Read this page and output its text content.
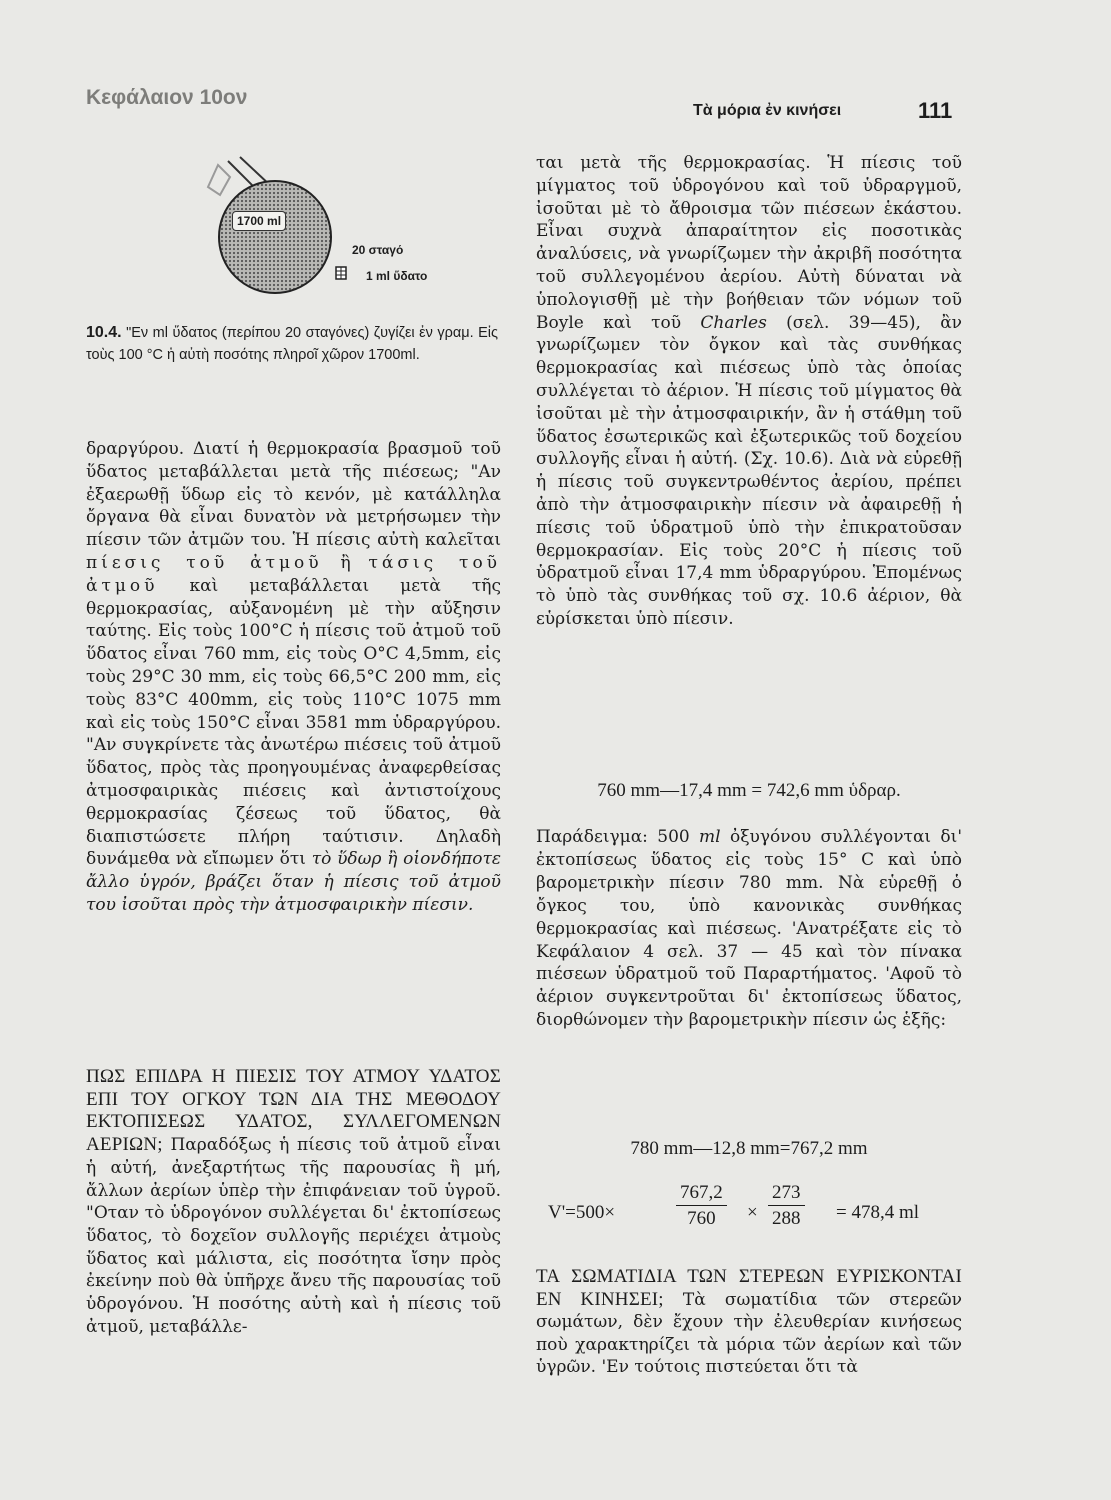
Κεφάλαιον 10ον
Τὰ μόρια ἐν κινήσει	111
1700 ml
20 σταγό
1 ml ὕδατο
10.4. "Εν ml ὕδατος (περίπου 20 σταγόνες) ζυγίζει ἐν γραμ. Εἰς τοὺς 100 °C ἡ αὐτὴ ποσότης πληροῖ χῶρον 1700ml.

δραργύρου. Διατί ἡ θερμοκρασία βρασμοῦ τοῦ ὕδατος μεταβάλλεται μετὰ τῆς πιέσεως; "Αν ἐξαερωθῇ ὕδωρ εἰς τὸ κενόν, μὲ κατάλληλα ὄργανα θὰ εἶναι δυνατὸν νὰ μετρήσωμεν τὴν πίεσιν τῶν ἀτμῶν του. Ἡ πίεσις αὐτὴ καλεῖται πίεσις τοῦ ἀτμοῦ ἢ τάσις τοῦ ἀτμοῦ καὶ μεταβάλλεται μετὰ τῆς θερμοκρασίας, αὐξανομένη μὲ τὴν αὔξησιν ταύτης. Εἰς τοὺς 100°C ἡ πίεσις τοῦ ἀτμοῦ τοῦ ὕδατος εἶναι 760 mm, εἰς τοὺς O°C 4,5mm, εἰς τοὺς 29°C 30 mm, εἰς τοὺς 66,5°C 200 mm, εἰς τοὺς 83°C 400mm, εἰς τοὺς 110°C 1075 mm καὶ εἰς τοὺς 150°C εἶναι 3581 mm ὑδραργύρου. "Αν συγκρίνετε τὰς ἀνωτέρω πιέσεις τοῦ ἀτμοῦ ὕδατος, πρὸς τὰς προηγουμένας ἀναφερθείσας ἀτμοσφαιρικὰς πιέσεις καὶ ἀντιστοίχους θερμοκρασίας ζέσεως τοῦ ὕδατος, θὰ διαπιστώσετε πλήρη ταύτισιν. Δηλαδὴ δυνάμεθα νὰ εἴπωμεν ὅτι τὸ ὕδωρ ἢ οἱονδήποτε ἄλλο ὑγρόν, βράζει ὅταν ἡ πίεσις τοῦ ἀτμοῦ του ἰσοῦται πρὸς τὴν ἀτμοσφαιρικὴν πίεσιν.

ΠΩΣ ΕΠΙΔΡΑ Η ΠΙΕΣΙΣ ΤΟΥ ΑΤΜΟΥ ΥΔΑΤΟΣ ΕΠΙ ΤΟΥ ΟΓΚΟΥ ΤΩΝ ΔΙΑ ΤΗΣ ΜΕΘΟΔΟΥ ΕΚΤΟΠΙΣΕΩΣ ΥΔΑΤΟΣ, ΣΥΛΛΕΓΟΜΕΝΩΝ ΑΕΡΙΩΝ; Παραδόξως ἡ πίεσις τοῦ ἀτμοῦ εἶναι ἡ αὐτή, ἀνεξαρτήτως τῆς παρουσίας ἢ μή, ἄλλων ἀερίων ὑπὲρ τὴν ἐπιφάνειαν τοῦ ὑγροῦ. "Οταν τὸ ὑδρογόνον συλλέγεται δι' ἐκτοπίσεως ὕδατος, τὸ δοχεῖον συλλογῆς περιέχει ἀτμοὺς ὕδατος καὶ μάλιστα, εἰς ποσότητα ἴσην πρὸς ἐκείνην ποὺ θὰ ὑπῆρχε ἄνευ τῆς παρουσίας τοῦ ὑδρογόνου. Ἡ ποσότης αὐτὴ καὶ ἡ πίεσις τοῦ ἀτμοῦ, μεταβάλλε-

ται μετὰ τῆς θερμοκρασίας. Ἡ πίεσις τοῦ μίγματος τοῦ ὑδρογόνου καὶ τοῦ ὑδραργμοῦ, ἰσοῦται μὲ τὸ ἄθροισμα τῶν πιέσεων ἑκάστου. Εἶναι συχνὰ ἀπαραίτητον εἰς ποσοτικὰς ἀναλύσεις, νὰ γνωρίζωμεν τὴν ἀκριβῆ ποσότητα τοῦ συλλεγομένου ἀερίου. Αὐτὴ δύναται νὰ ὑπολογισθῇ μὲ τὴν βοήθειαν τῶν νόμων τοῦ Boyle καὶ τοῦ Charles (σελ. 39—45), ἂν γνωρίζωμεν τὸν ὄγκον καὶ τὰς συνθήκας θερμοκρασίας καὶ πιέσεως ὑπὸ τὰς ὁποίας συλλέγεται τὸ ἀέριον. Ἡ πίεσις τοῦ μίγματος θὰ ἰσοῦται μὲ τὴν ἀτμοσφαιρικήν, ἂν ἡ στάθμη τοῦ ὕδατος ἐσωτερικῶς καὶ ἐξωτερικῶς τοῦ δοχείου συλλογῆς εἶναι ἡ αὐτή. (Σχ. 10.6). Διὰ νὰ εὑρεθῇ ἡ πίεσις τοῦ συγκεντρωθέντος ἀερίου, πρέπει ἀπὸ τὴν ἀτμοσφαιρικὴν πίεσιν νὰ ἀφαιρεθῇ ἡ πίεσις τοῦ ὑδρατμοῦ ὑπὸ τὴν ἐπικρατοῦσαν θερμοκρασίαν. Εἰς τοὺς 20°C ἡ πίεσις τοῦ ὑδρατμοῦ εἶναι 17,4 mm ὑδραργύρου. Ἑπομένως τὸ ὑπὸ τὰς συνθήκας τοῦ σχ. 10.6 ἀέριον, θὰ εὑρίσκεται ὑπὸ πίεσιν.

760 mm—17,4 mm = 742,6 mm ὑδραρ.

Παράδειγμα: 500 ml ὀξυγόνου συλλέγονται δι' ἐκτοπίσεως ὕδατος εἰς τοὺς 15° C καὶ ὑπὸ βαρομετρικὴν πίεσιν 780 mm. Νὰ εὑρεθῇ ὁ ὄγκος του, ὑπὸ κανονικὰς συνθήκας θερμοκρασίας καὶ πιέσεως. 'Ανατρέξατε εἰς τὸ Κεφάλαιον 4 σελ. 37 — 45 καὶ τὸν πίνακα πιέσεων ὑδρατμοῦ τοῦ Παραρτήματος. 'Αφοῦ τὸ ἀέριον συγκεντροῦται δι' ἐκτοπίσεως ὕδατος, διορθώνομεν τὴν βαρομετρικὴν πίεσιν ὡς ἑξῆς:

780 mm—12,8 mm=767,2 mm
V'=500×	$\frac{767,2}{760} \times \frac{273}{288} = 478,4$ ml

ΤΑ ΣΩΜΑΤΙΔΙΑ ΤΩΝ ΣΤΕΡΕΩΝ ΕΥΡΙΣΚΟΝΤΑΙ ΕΝ ΚΙΝΗΣΕΙ; Τὰ σωματίδια τῶν στερεῶν σωμάτων, δὲν ἔχουν τὴν ἐλευθερίαν κινήσεως ποὺ χαρακτηρίζει τὰ μόρια τῶν ἀερίων καὶ τῶν ὑγρῶν. 'Εν τούτοις πιστεύεται ὅτι τὰ
